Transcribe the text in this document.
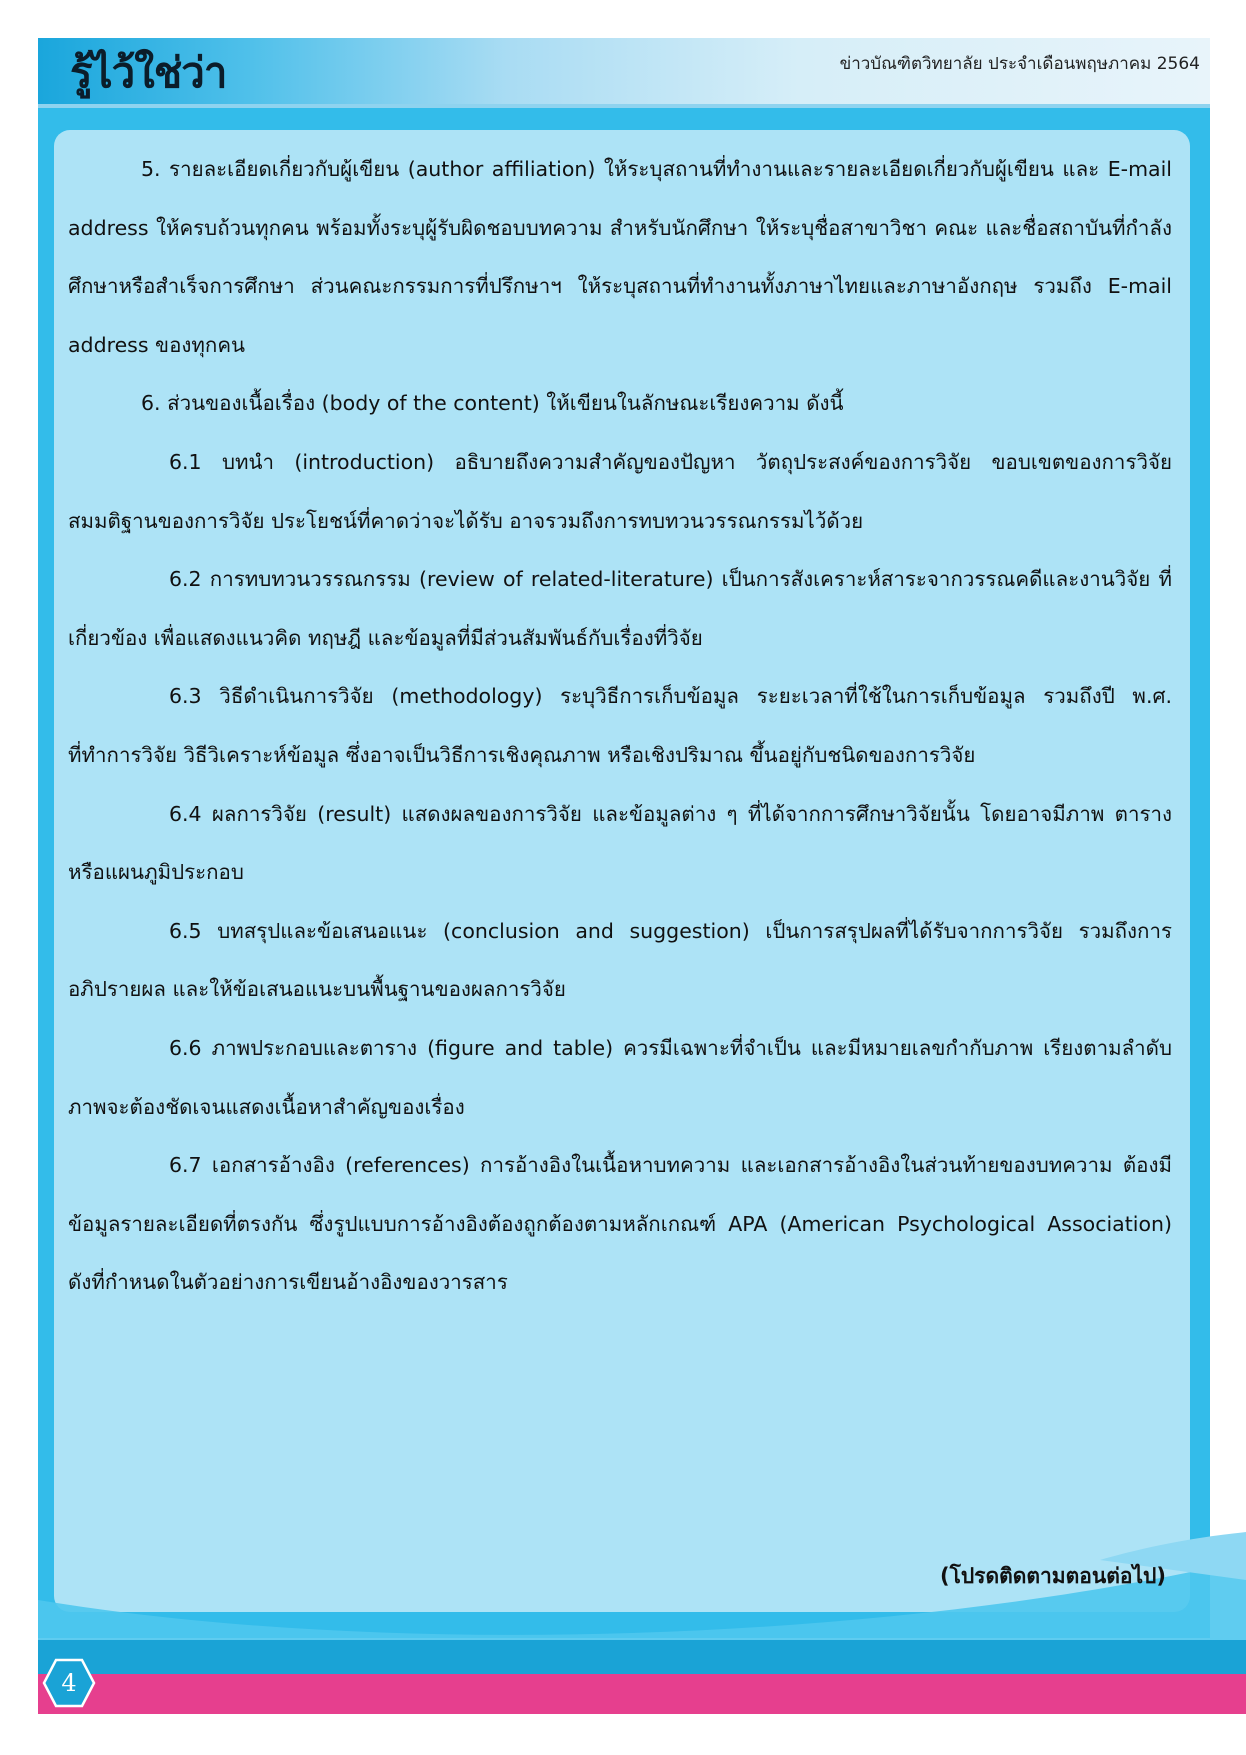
รู้ไว้ใช่ว่า	ข่าวบัณฑิตวิทยาลัย ประจำเดือนพฤษภาคม 2564

5. รายละเอียดเกี่ยวกับผู้เขียน (author affiliation) ให้ระบุสถานที่ทำงานและรายละเอียดเกี่ยวกับผู้เขียน และ E-mail address ให้ครบถ้วนทุกคน พร้อมทั้งระบุผู้รับผิดชอบบทความ สำหรับนักศึกษา ให้ระบุชื่อสาขาวิชา คณะ และชื่อสถาบันที่กำลังศึกษาหรือสำเร็จการศึกษา ส่วนคณะกรรมการที่ปรึกษาฯ ให้ระบุสถานที่ทำงานทั้งภาษาไทยและภาษาอังกฤษ รวมถึง E-mail address ของทุกคน

6. ส่วนของเนื้อเรื่อง (body of the content) ให้เขียนในลักษณะเรียงความ ดังนี้

6.1 บทนำ (introduction) อธิบายถึงความสำคัญของปัญหา วัตถุประสงค์ของการวิจัย ขอบเขตของการวิจัย สมมติฐานของการวิจัย ประโยชน์ที่คาดว่าจะได้รับ อาจรวมถึงการทบทวนวรรณกรรมไว้ด้วย

6.2 การทบทวนวรรณกรรม (review of related-literature) เป็นการสังเคราะห์สาระจากวรรณคดีและงานวิจัย ที่เกี่ยวข้อง เพื่อแสดงแนวคิด ทฤษฎี และข้อมูลที่มีส่วนสัมพันธ์กับเรื่องที่วิจัย

6.3 วิธีดำเนินการวิจัย (methodology) ระบุวิธีการเก็บข้อมูล ระยะเวลาที่ใช้ในการเก็บข้อมูล รวมถึงปี พ.ศ. ที่ทำการวิจัย วิธีวิเคราะห์ข้อมูล ซึ่งอาจเป็นวิธีการเชิงคุณภาพ หรือเชิงปริมาณ ขึ้นอยู่กับชนิดของการวิจัย

6.4 ผลการวิจัย (result) แสดงผลของการวิจัย และข้อมูลต่าง ๆ ที่ได้จากการศึกษาวิจัยนั้น โดยอาจมีภาพ ตาราง หรือแผนภูมิประกอบ

6.5 บทสรุปและข้อเสนอแนะ (conclusion and suggestion) เป็นการสรุปผลที่ได้รับจากการวิจัย รวมถึงการ อภิปรายผล และให้ข้อเสนอแนะบนพื้นฐานของผลการวิจัย

6.6 ภาพประกอบและตาราง (figure and table) ควรมีเฉพาะที่จำเป็น และมีหมายเลขกำกับภาพ เรียงตามลำดับ ภาพจะต้องชัดเจนแสดงเนื้อหาสำคัญของเรื่อง

6.7 เอกสารอ้างอิง (references) การอ้างอิงในเนื้อหาบทความ และเอกสารอ้างอิงในส่วนท้ายของบทความ ต้องมีข้อมูลรายละเอียดที่ตรงกัน ซึ่งรูปแบบการอ้างอิงต้องถูกต้องตามหลักเกณฑ์ APA (American Psychological Association) ดังที่กำหนดในตัวอย่างการเขียนอ้างอิงของวารสาร

(โปรดติดตามตอนต่อไป)
4
